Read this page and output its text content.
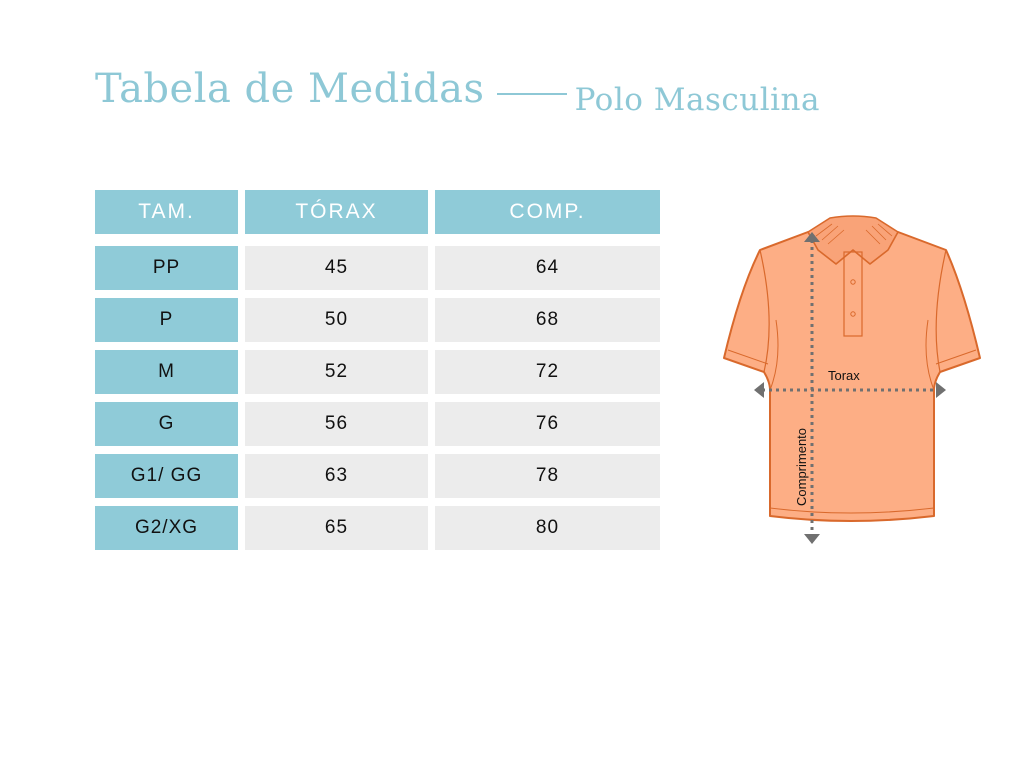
Tabela de Medidas	Polo Masculina
TAM.	TÓRAX	COMP.
PP	45	64
P	50	68
M	52	72
G	56	76
G1/ GG	63	78
G2/XG	65	80
Torax
Comprimento
